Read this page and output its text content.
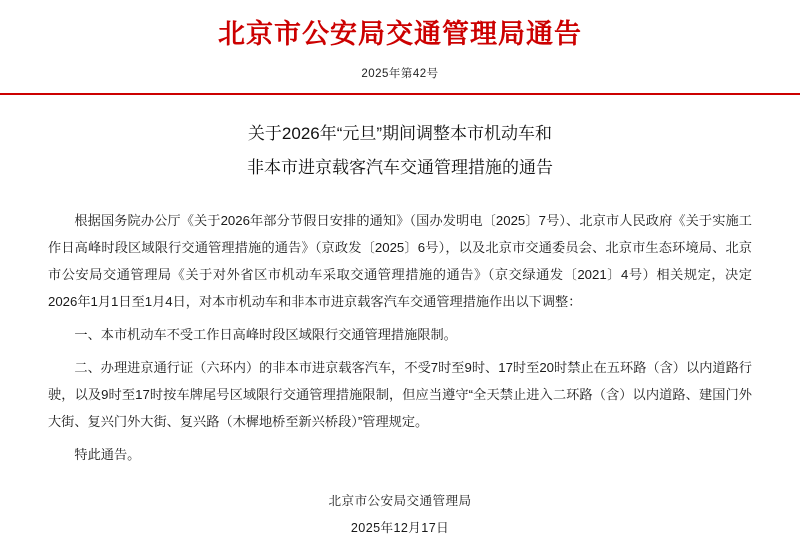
北京市公安局交通管理局通告
2025年第42号
关于2026年“元旦”期间调整本市机动车和
非本市进京载客汽车交通管理措施的通告

根据国务院办公厅《关于2026年部分节假日安排的通知》（国办发明电〔2025〕7号）、北京市人民政府《关于实施工作日高峰时段区域限行交通管理措施的通告》（京政发〔2025〕6号），以及北京市交通委员会、北京市生态环境局、北京市公安局交通管理局《关于对外省区市机动车采取交通管理措施的通告》（京交绿通发〔2021〕4号）相关规定，决定2026年1月1日至1月4日，对本市机动车和非本市进京载客汽车交通管理措施作出以下调整：

一、本市机动车不受工作日高峰时段区域限行交通管理措施限制。

二、办理进京通行证（六环内）的非本市进京载客汽车，不受7时至9时、17时至20时禁止在五环路（含）以内道路行驶，以及9时至17时按车牌尾号区域限行交通管理措施限制，但应当遵守“全天禁止进入二环路（含）以内道路、建国门外大街、复兴门外大街、复兴路（木樨地桥至新兴桥段）”管理规定。

特此通告。

北京市公安局交通管理局
2025年12月17日
